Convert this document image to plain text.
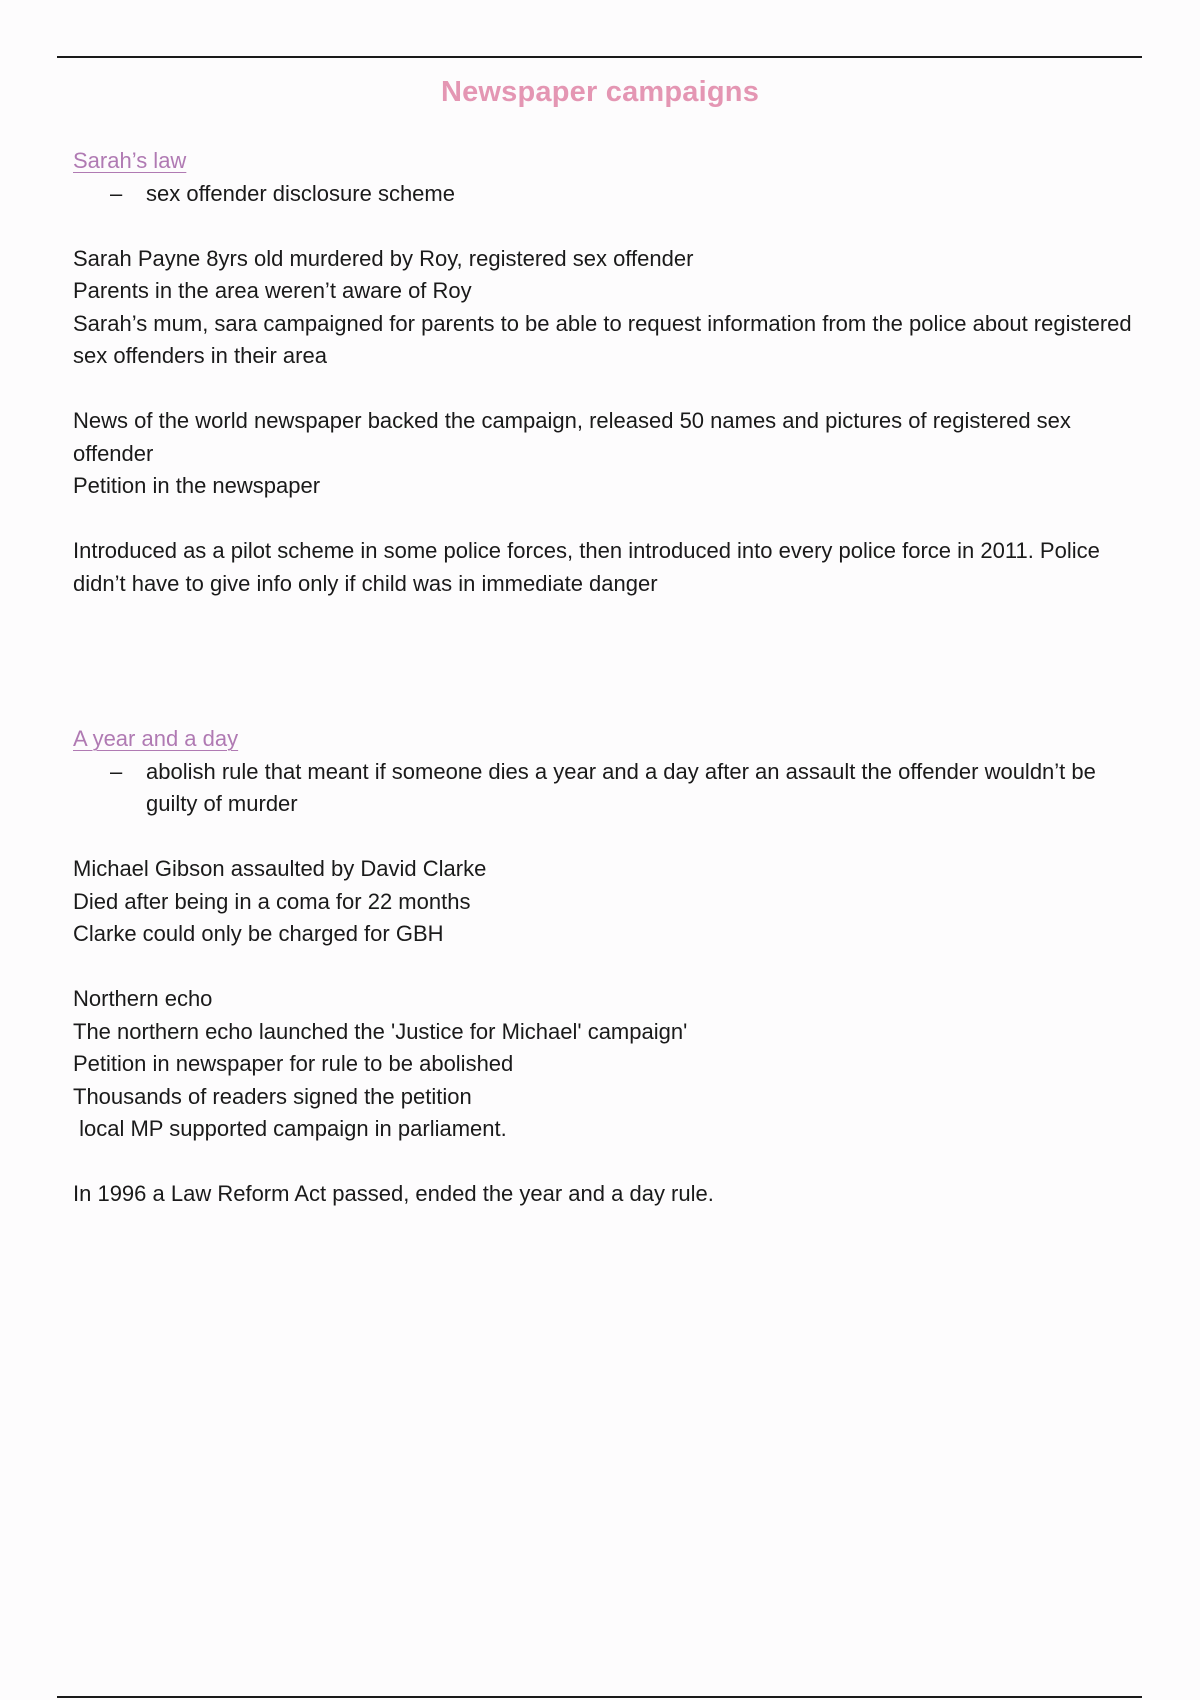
Newspaper campaigns
Sarah’s law
– sex offender disclosure scheme
Sarah Payne 8yrs old murdered by Roy, registered sex offender
Parents in the area weren’t aware of Roy
Sarah’s mum, sara campaigned for parents to be able to request information from the police about registered sex offenders in their area
News of the world newspaper backed the campaign, released 50 names and pictures of registered sex offender
Petition in the newspaper
Introduced as a pilot scheme in some police forces, then introduced into every police force in 2011. Police didn’t have to give info only if child was in immediate danger
A year and a day
– abolish rule that meant if someone dies a year and a day after an assault the offender wouldn’t be guilty of murder
Michael Gibson assaulted by David Clarke
Died after being in a coma for 22 months
Clarke could only be charged for GBH
Northern echo
The northern echo launched the 'Justice for Michael' campaign'
Petition in newspaper for rule to be abolished
Thousands of readers signed the petition
local MP supported campaign in parliament.
In 1996 a Law Reform Act passed, ended the year and a day rule.
